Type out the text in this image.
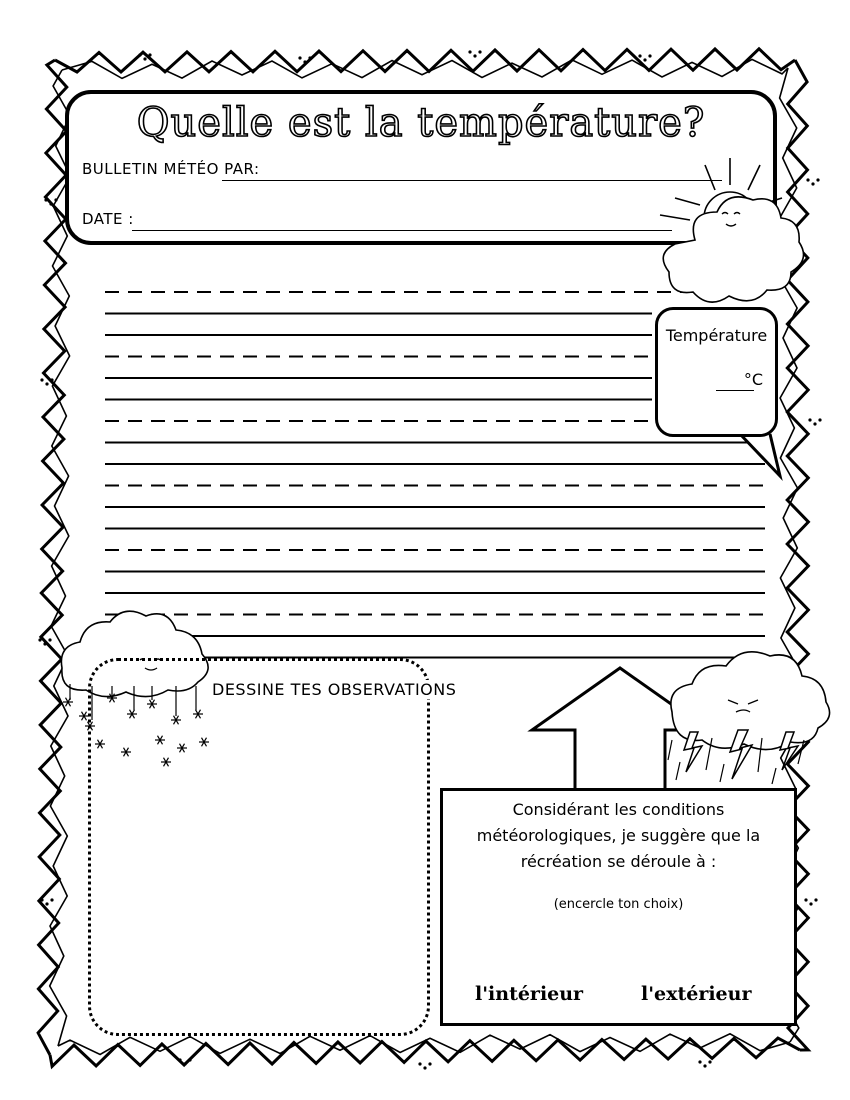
Quelle est la température?
BULLETIN MÉTÉO PAR:
DATE :
Température
°C
DESSINE TES OBSERVATIONS
Considérant les conditions météorologiques, je suggère que la récréation se déroule à :
(encercle ton choix)
l'intérieur	l'extérieur
